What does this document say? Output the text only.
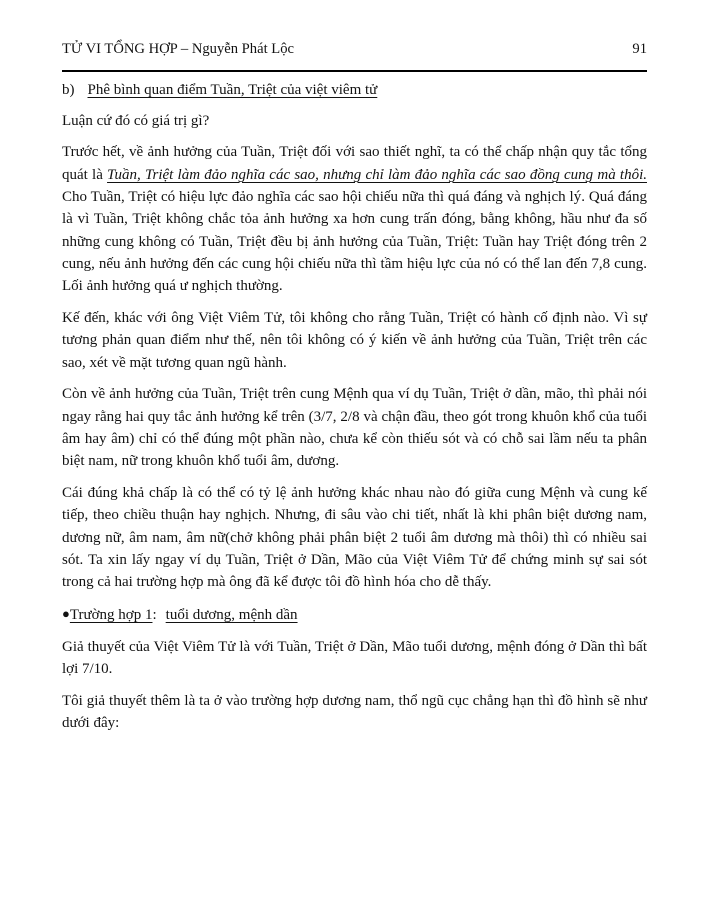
TỬ VI TỔNG HỢP – Nguyễn Phát Lộc	91

b) Phê bình quan điểm Tuần, Triệt của việt viêm tử

Luận cứ đó có giá trị gì?

Trước hết, về ảnh hưởng của Tuần, Triệt đối với sao thiết nghĩ, ta có thể chấp nhận quy tắc tổng quát là Tuần, Triệt làm đảo nghĩa các sao, nhưng chỉ làm đảo nghĩa các sao đồng cung mà thôi. Cho Tuần, Triệt có hiệu lực đảo nghĩa các sao hội chiếu nữa thì quá đáng và nghịch lý. Quá đáng là vì Tuần, Triệt không chắc tỏa ảnh hưởng xa hơn cung trấn đóng, bằng không, hầu như đa số những cung không có Tuần, Triệt đều bị ảnh hưởng của Tuần, Triệt: Tuần hay Triệt đóng trên 2 cung, nếu ảnh hưởng đến các cung hội chiếu nữa thì tầm hiệu lực của nó có thể lan đến 7,8 cung. Lối ảnh hưởng quá ư nghịch thường.

Kế đến, khác với ông Việt Viêm Tử, tôi không cho rằng Tuần, Triệt có hành cố định nào. Vì sự tương phản quan điểm như thế, nên tôi không có ý kiến về ảnh hưởng của Tuần, Triệt trên các sao, xét về mặt tương quan ngũ hành.

Còn về ảnh hưởng của Tuần, Triệt trên cung Mệnh qua ví dụ Tuần, Triệt ở dần, mão, thì phải nói ngay rằng hai quy tắc ảnh hưởng kể trên (3/7, 2/8 và chận đầu, theo gót trong khuôn khổ của tuổi âm hay âm) chỉ có thể đúng một phần nào, chưa kể còn thiếu sót và có chỗ sai lầm nếu ta phân biệt nam, nữ trong khuôn khổ tuổi âm, dương.

Cái đúng khả chấp là có thể có tỷ lệ ảnh hưởng khác nhau nào đó giữa cung Mệnh và cung kế tiếp, theo chiều thuận hay nghịch. Nhưng, đi sâu vào chi tiết, nhất là khi phân biệt dương nam, dương nữ, âm nam, âm nữ(chở không phải phân biệt 2 tuổi âm dương mà thôi) thì có nhiều sai sót. Ta xin lấy ngay ví dụ Tuần, Triệt ở Dần, Mão của Việt Viêm Tử để chứng minh sự sai sót trong cả hai trường hợp mà ông đã kể được tôi đồ hình hóa cho dễ thấy.

●Trường hợp 1: tuổi dương, mệnh dần

Giả thuyết của Việt Viêm Tử là với Tuần, Triệt ở Dần, Mão tuổi dương, mệnh đóng ở Dần thì bất lợi 7/10.

Tôi giả thuyết thêm là ta ở vào trường hợp dương nam, thổ ngũ cục chẳng hạn thì đồ hình sẽ như dưới đây:
